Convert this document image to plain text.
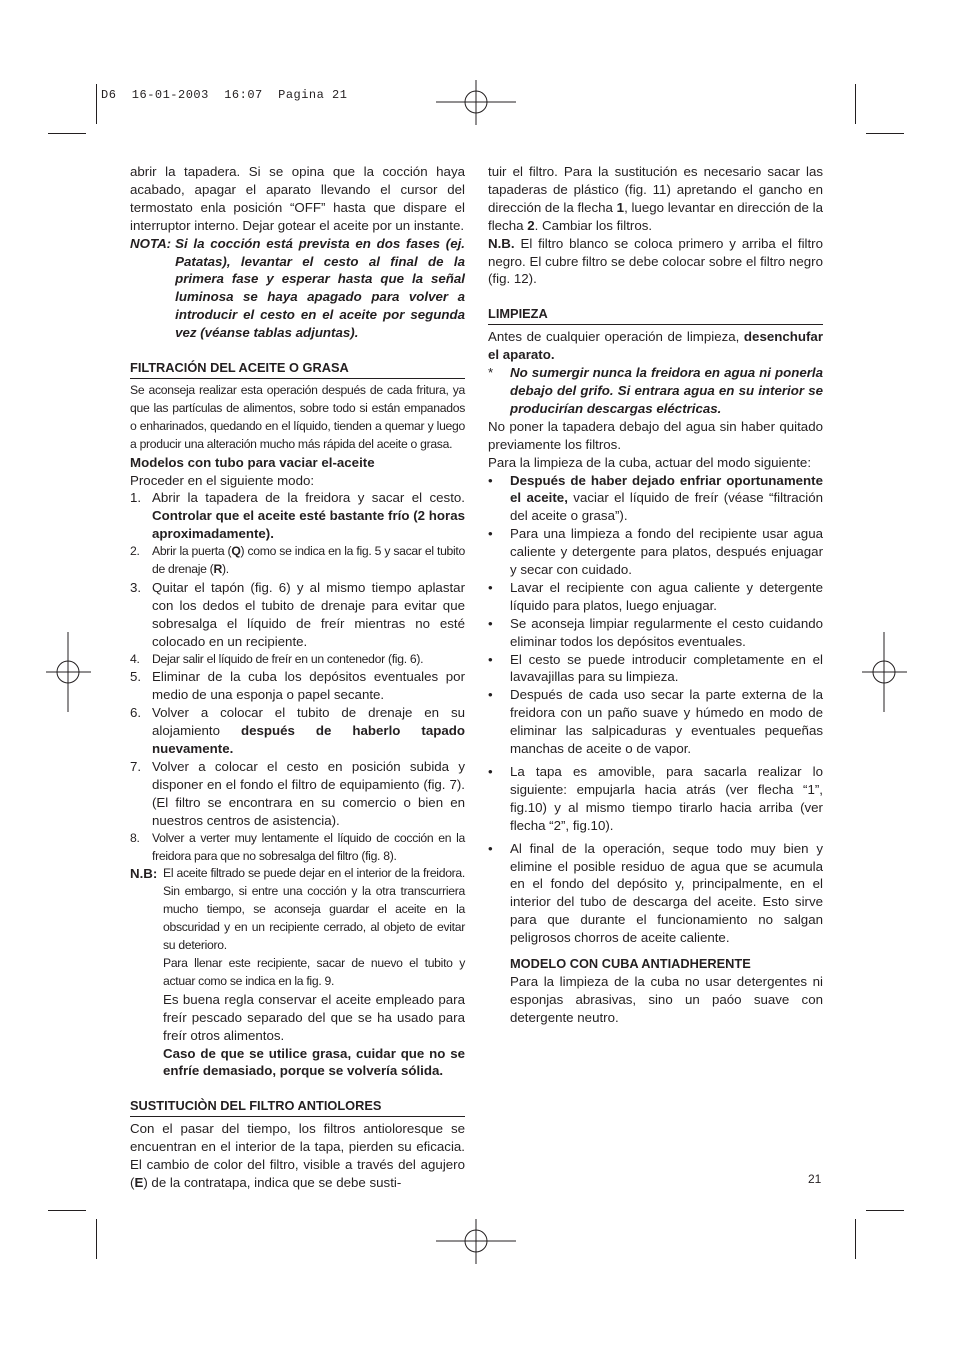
D6  16-01-2003  16:07  Pagina 21

abrir la tapadera. Si se opina que la cocción haya acabado, apagar el aparato llevando el cursor del termostato enla posición “OFF” hasta que dispare el interruptor interno. Dejar gotear el aceite por un instante.

NOTA: Si la cocción está prevista en dos fases (ej. Patatas), levantar el cesto al final de la primera fase y esperar hasta que la señal luminosa se haya apagado para volver a introducir el cesto en el aceite por segunda vez (véanse tablas adjuntas).

FILTRACIÓN DEL ACEITE O GRASA

Se aconseja realizar esta operación después de cada fritura, ya que las partículas de alimentos, sobre todo si están empanados o enharinados, quedando en el líquido, tienden a quemar y luego a producir una alteración mucho más rápida del aceite o grasa.

Modelos con tubo para vaciar el-aceite

Proceder en el siguiente modo:

1. Abrir la tapadera de la freidora y sacar el cesto. Controlar que el aceite esté bastante frío (2 horas aproximadamente).
2.	Abrir la puerta (Q) como se indica en la fig. 5 y sacar el tubito de drenaje (R).
3. Quitar el tapón (fig. 6) y al mismo tiempo aplastar con los dedos el tubito de drenaje para evitar que sobresalga el líquido de freír mientras no esté colocado en un recipiente.
4.	Dejar salir el líquido de freír en un contenedor (fig. 6).
5. Eliminar de la cuba los depósitos eventuales por medio de una esponja o papel secante.
6. Volver a colocar el tubito de drenaje en su alojamiento después de haberlo tapado nuevamente.
7. Volver a colocar el cesto en posición subida y disponer en el fondo el filtro de equipamiento (fig. 7). (El filtro se encontrara en su comercio o bien en nuestros centros de asistencia).
8.	Volver a verter muy lentamente el líquido de cocción en la freidora para que no sobresalga del filtro (fig. 8).
N.B: El aceite filtrado se puede dejar en el interior de la freidora. Sin embargo, si entre una cocción y la otra transcurriera mucho tiempo, se aconseja guardar el aceite en la obscuridad y en un recipiente cerrado, al objeto de evitar su deterioro.
Para llenar este recipiente, sacar de nuevo el tubito y actuar como se indica en la fig. 9.
Es buena regla conservar el aceite empleado para freír pescado separado del que se ha usado para freír otros alimentos.
Caso de que se utilice grasa, cuidar que no se enfríe demasiado, porque se volvería sólida.
SUSTITUCIÒN DEL FILTRO ANTIOLORES

Con el pasar del tiempo, los filtros antioloresque se encuentran en el interior de la tapa, pierden su eficacia. El cambio de color del filtro, visible a través del agujero (E) de la contratapa, indica que se debe susti-

tuir el filtro. Para la sustitución es necesario sacar las tapaderas de plástico (fig. 11) apretando el gancho en dirección de la flecha 1, luego levantar en dirección de la flecha 2. Cambiar los filtros.

N.B. El filtro blanco se coloca primero y arriba el filtro negro. El cubre filtro se debe colocar sobre el filtro negro (fig. 12).

LIMPIEZA

Antes de cualquier operación de limpieza, desenchufar el aparato.

*	No sumergir nunca la freidora en agua ni ponerla debajo del grifo. Si entrara agua en su interior se producirían descargas eléctricas.

No poner la tapadera debajo del agua sin haber quitado previamente los filtros.

Para la limpieza de la cuba, actuar del modo siguiente:

•	Después de haber dejado enfriar oportunamente el aceite, vaciar el líquido de freír (véase “filtración del aceite o grasa”).
•	Para una limpieza a fondo del recipiente usar agua caliente y detergente para platos, después enjuagar y secar con cuidado.
•	Lavar el recipiente con agua caliente y detergente líquido para platos, luego enjuagar.
•	Se aconseja limpiar regularmente el cesto cuidando eliminar todos los depósitos eventuales.
•	El cesto se puede introducir completamente en el lavavajillas para su limpieza.
•	Después de cada uso secar la parte externa de la freidora con un paño suave y húmedo en modo de eliminar las salpicaduras y eventuales pequeñas manchas de aceite o de vapor.
•	La tapa es amovible, para sacarla realizar lo siguiente: empujarla hacia atrás (ver flecha “1”, fig.10) y al mismo tiempo tirarlo hacia arriba (ver flecha “2”, fig.10).
•	Al final de la operación, seque todo muy bien y elimine el posible residuo de agua que se acumula en el fondo del depósito y, principalmente, en el interior del tubo de descarga del aceite. Esto sirve para que durante el funcionamiento no salgan peligrosos chorros de aceite caliente.

MODELO CON CUBA ANTIADHERENTE

Para la limpieza de la cuba no usar detergentes ni esponjas abrasivas, sino un paóo suave con detergente neutro.

21
